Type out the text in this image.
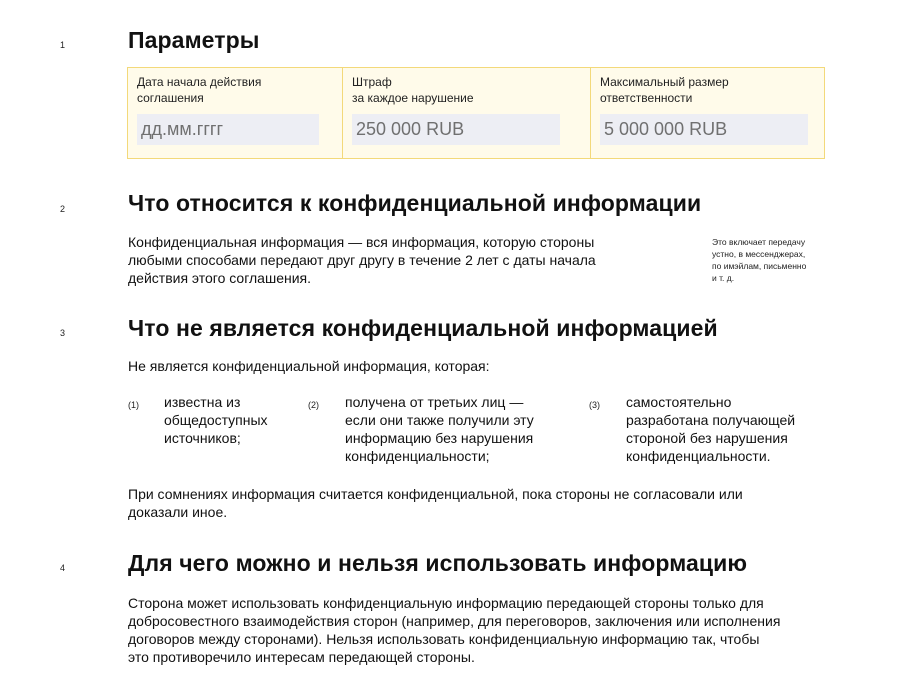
1	Параметры
Дата начала действия
соглашения
дд.мм.гггг
Штраф
за каждое нарушение
250 000 RUB
Максимальный размер
ответственности
5 000 000 RUB
2	Что относится к конфиденциальной информации
Конфиденциальная информация — вся информация, которую стороны
любыми способами передают друг другу в течение 2 лет с даты начала
действия этого соглашения.
Это включает передачу
устно, в мессенджерах,
по имэйлам, письменно
и т. д.
3	Что не является конфиденциальной информацией
Не является конфиденциальной информация, которая:
(1) известна из
общедоступных
источников;
(2) получена от третьих лиц —
если они также получили эту
информацию без нарушения
конфиденциальности;
(3) самостоятельно
разработана получающей
стороной без нарушения
конфиденциальности.
При сомнениях информация считается конфиденциальной, пока стороны не согласовали или
доказали иное.
4	Для чего можно и нельзя использовать информацию
Сторона может использовать конфиденциальную информацию передающей стороны только для
добросовестного взаимодействия сторон (например, для переговоров, заключения или исполнения
договоров между сторонами). Нельзя использовать конфиденциальную информацию так, чтобы
это противоречило интересам передающей стороны.
